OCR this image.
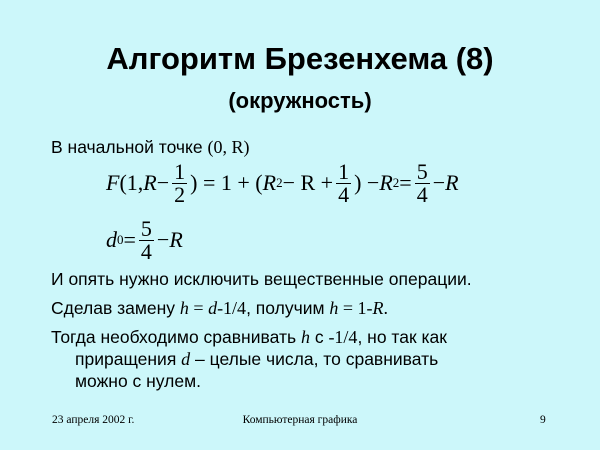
Алгоритм Брезенхема (8)
(окружность)
В начальной точке (0, R)
F (1, $R - \frac{1}{2}$ ) = 1 + ( R $2 - R + \frac{1}{4}$ ) − R $2 = \frac{5}{4} - R$
d $0 = \frac{5}{4} - R$
И опять нужно исключить вещественные операции.
Сделав замену h = d-1/4, получим h = 1-R.
Тогда необходимо сравнивать h с -1/4, но так как
приращения d – целые числа, то сравнивать
можно с нулем.
23 апреля 2002 г.	Компьютерная графика	9
